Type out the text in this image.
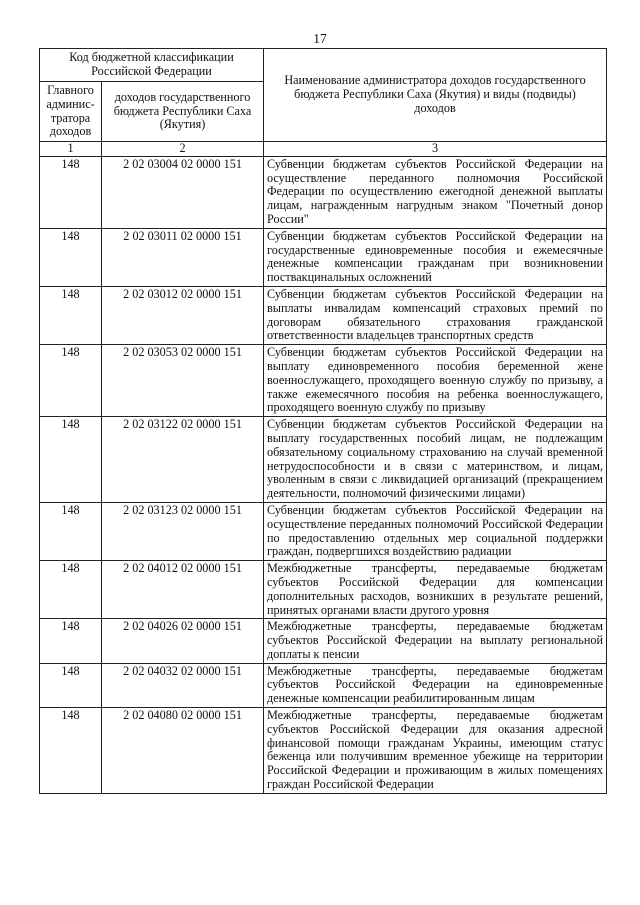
17
Код бюджетной классификации Российской Федерации		Наименование администратора доходов государственного бюджета Республики Саха (Якутия) и виды (подвиды) доходов
Главного админис-тратора доходов	доходов государственного бюджета Республики Саха (Якутия)	
1	2	3
148	2 02 03004 02 0000 151	Субвенции бюджетам субъектов Российской Федерации на осуществление переданного полномочия Российской Федерации по осуществлению ежегодной денежной выплаты лицам, награжденным нагрудным знаком "Почетный донор России"
148	2 02 03011 02 0000 151	Субвенции бюджетам субъектов Российской Федерации на государственные единовременные пособия и ежемесячные денежные компенсации гражданам при возникновении поствакцинальных осложнений
148	2 02 03012 02 0000 151	Субвенции бюджетам субъектов Российской Федерации на выплаты инвалидам компенсаций страховых премий по договорам обязательного страхования гражданской ответственности владельцев транспортных средств
148	2 02 03053 02 0000 151	Субвенции бюджетам субъектов Российской Федерации на выплату единовременного пособия беременной жене военнослужащего, проходящего военную службу по призыву, а также ежемесячного пособия на ребенка военнослужащего, проходящего военную службу по призыву
148	2 02 03122 02 0000 151	Субвенции бюджетам субъектов Российской Федерации на выплату государственных пособий лицам, не подлежащим обязательному социальному страхованию на случай временной нетрудоспособности и в связи с материнством, и лицам, уволенным в связи с ликвидацией организаций (прекращением деятельности, полномочий физическими лицами)
148	2 02 03123 02 0000 151	Субвенции бюджетам субъектов Российской Федерации на осуществление переданных полномочий Российской Федерации по предоставлению отдельных мер социальной поддержки граждан, подвергшихся воздействию радиации
148	2 02 04012 02 0000 151	Межбюджетные трансферты, передаваемые бюджетам субъектов Российской Федерации для компенсации дополнительных расходов, возникших в результате решений, принятых органами власти другого уровня
148	2 02 04026 02 0000 151	Межбюджетные трансферты, передаваемые бюджетам субъектов Российской Федерации на выплату региональной доплаты к пенсии
148	2 02 04032 02 0000 151	Межбюджетные трансферты, передаваемые бюджетам субъектов Российской Федерации на единовременные денежные компенсации реабилитированным лицам
148	2 02 04080 02 0000 151	Межбюджетные трансферты, передаваемые бюджетам субъектов Российской Федерации для оказания адресной финансовой помощи гражданам Украины, имеющим статус беженца или получившим временное убежище на территории Российской Федерации и проживающим в жилых помещениях граждан Российской Федерации
